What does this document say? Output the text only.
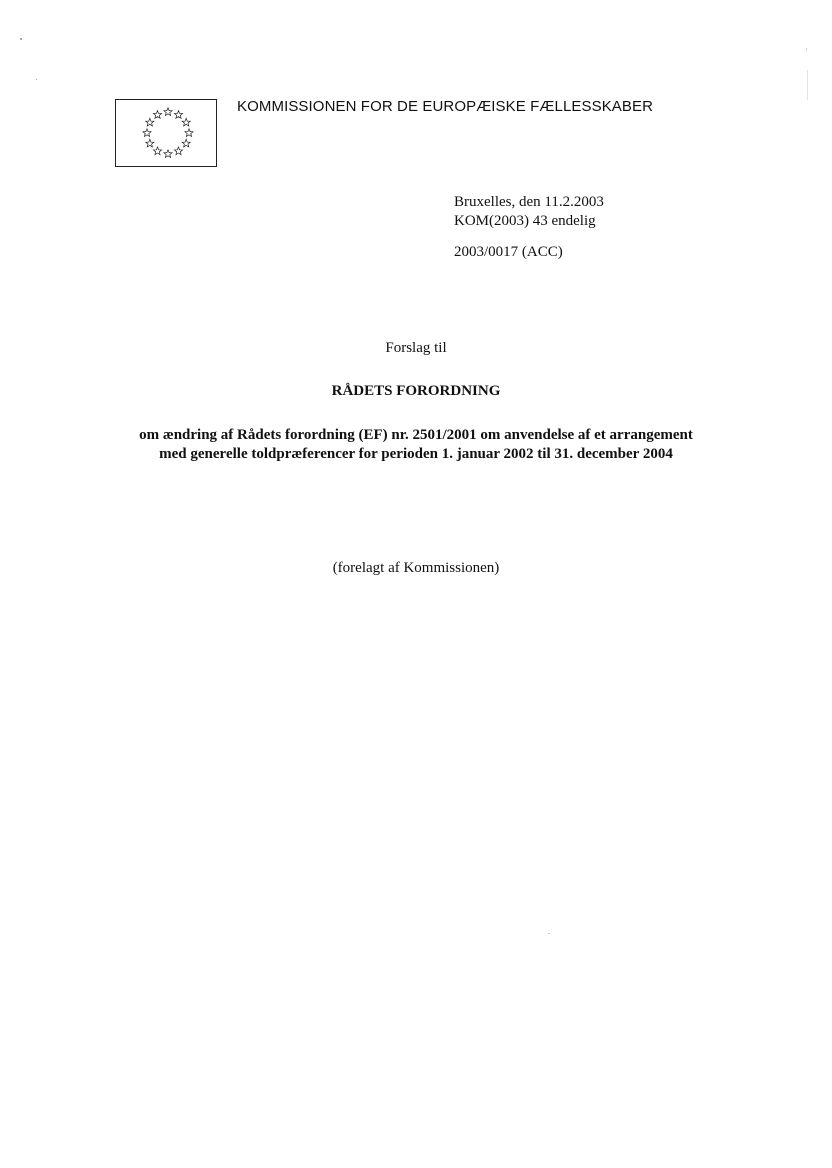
KOMMISSIONEN FOR DE EUROPÆISKE FÆLLESSKABER
Bruxelles, den 11.2.2003
KOM(2003) 43 endelig
2003/0017 (ACC)
Forslag til
RÅDETS FORORDNING
om ændring af Rådets forordning (EF) nr. 2501/2001 om anvendelse af et arrangement
med generelle toldpræferencer for perioden 1. januar 2002 til 31. december 2004
(forelagt af Kommissionen)
